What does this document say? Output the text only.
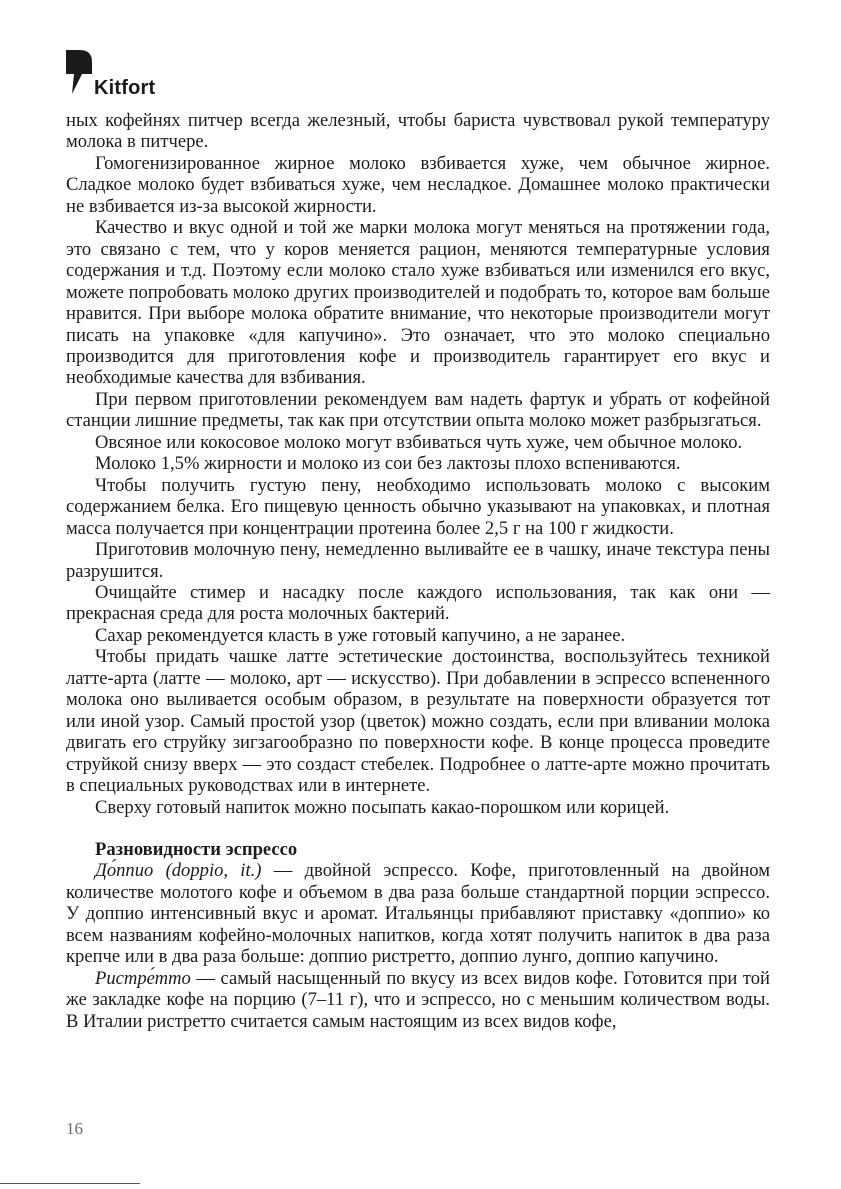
Kitfort

ных кофейнях питчер всегда железный, чтобы бариста чувствовал рукой температуру молока в питчере.

Гомогенизированное жирное молоко взбивается хуже, чем обычное жирное. Сладкое молоко будет взбиваться хуже, чем несладкое. Домашнее молоко практически не взбивается из-за высокой жирности.

Качество и вкус одной и той же марки молока могут меняться на протяжении года, это связано с тем, что у коров меняется рацион, меняются температурные условия содержания и т.д. Поэтому если молоко стало хуже взбиваться или изменился его вкус, можете попробовать молоко других производителей и подобрать то, которое вам больше нравится. При выборе молока обратите внимание, что некоторые производители могут писать на упаковке «для капучино». Это означает, что это молоко специально производится для приготовления кофе и производитель гарантирует его вкус и необходимые качества для взбивания.

При первом приготовлении рекомендуем вам надеть фартук и убрать от кофейной станции лишние предметы, так как при отсутствии опыта молоко может разбрызгаться.

Овсяное или кокосовое молоко могут взбиваться чуть хуже, чем обычное молоко.

Молоко 1,5% жирности и молоко из сои без лактозы плохо вспениваются.

Чтобы получить густую пену, необходимо использовать молоко с высоким содержанием белка. Его пищевую ценность обычно указывают на упаковках, и плотная масса получается при концентрации протеина более 2,5 г на 100 г жидкости.

Приготовив молочную пену, немедленно выливайте ее в чашку, иначе текстура пены разрушится.

Очищайте стимер и насадку после каждого использования, так как они — прекрасная среда для роста молочных бактерий.

Сахар рекомендуется класть в уже готовый капучино, а не заранее.

Чтобы придать чашке латте эстетические достоинства, воспользуйтесь техникой латте-арта (латте — молоко, арт — искусство). При добавлении в эспрессо вспененного молока оно выливается особым образом, в результате на поверхности образуется тот или иной узор. Самый простой узор (цветок) можно создать, если при вливании молока двигать его струйку зигзагообразно по поверхности кофе. В конце процесса проведите струйкой снизу вверх — это создаст стебелек. Подробнее о латте-арте можно прочитать в специальных руководствах или в интернете.

Сверху готовый напиток можно посыпать какао-порошком или корицей.

Разновидности эспрессо

До́ппио (doppio, it.) — двойной эспрессо. Кофе, приготовленный на двойном количестве молотого кофе и объемом в два раза больше стандартной порции эспрессо. У доппио интенсивный вкус и аромат. Итальянцы прибавляют приставку «доппио» ко всем названиям кофейно-молочных напитков, когда хотят получить напиток в два раза крепче или в два раза больше: доппио ристретто, доппио лунго, доппио капучино.

Ристре́тто — самый насыщенный по вкусу из всех видов кофе. Готовится при той же закладке кофе на порцию (7–11 г), что и эспрессо, но с меньшим количеством воды. В Италии ристретто считается самым настоящим из всех видов кофе,

16
